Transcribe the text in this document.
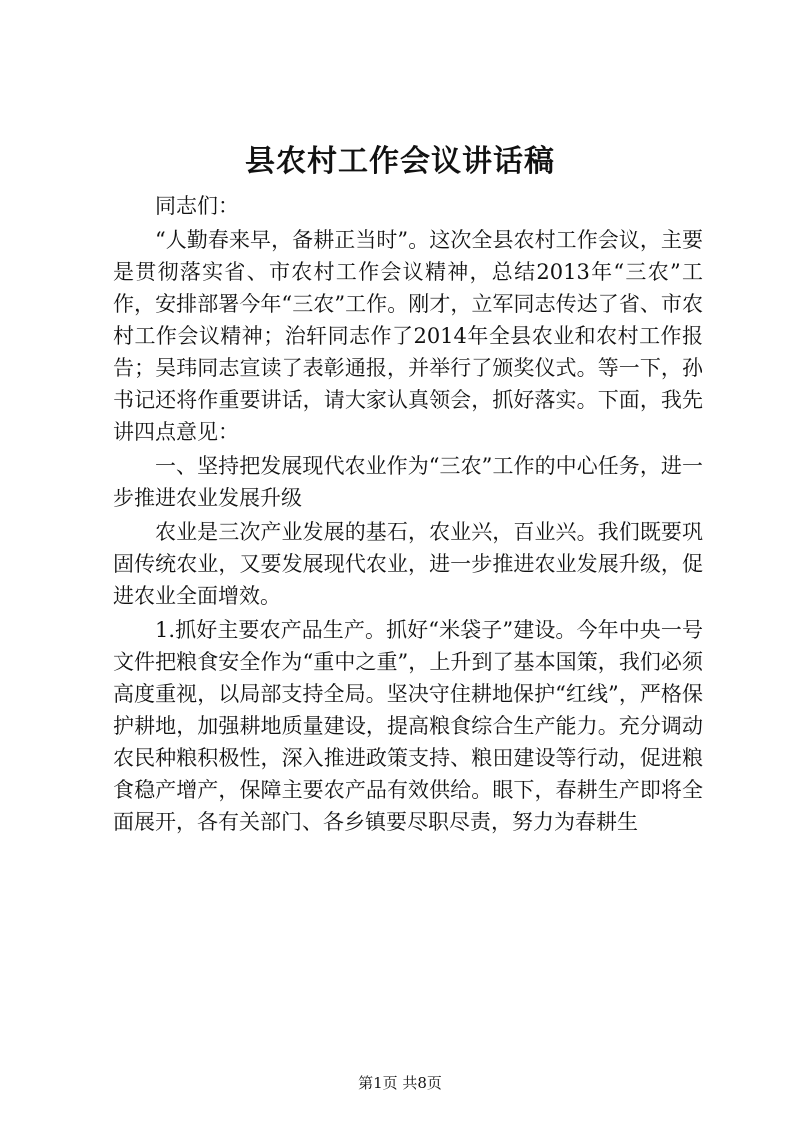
县农村工作会议讲话稿

同志们：

“人勤春来早，备耕正当时”。这次全县农村工作会议，主要是贯彻落实省、市农村工作会议精神，总结2013年“三农”工作，安排部署今年“三农”工作。刚才，立军同志传达了省、市农村工作会议精神；治轩同志作了2014年全县农业和农村工作报告；吴玮同志宣读了表彰通报，并举行了颁奖仪式。等一下，孙书记还将作重要讲话，请大家认真领会，抓好落实。下面，我先讲四点意见：

一、坚持把发展现代农业作为“三农”工作的中心任务，进一步推进农业发展升级

农业是三次产业发展的基石，农业兴，百业兴。我们既要巩固传统农业，又要发展现代农业，进一步推进农业发展升级，促进农业全面增效。

1.抓好主要农产品生产。抓好“米袋子”建设。今年中央一号文件把粮食安全作为“重中之重”，上升到了基本国策，我们必须高度重视，以局部支持全局。坚决守住耕地保护“红线”，严格保护耕地，加强耕地质量建设，提高粮食综合生产能力。充分调动农民种粮积极性，深入推进政策支持、粮田建设等行动，促进粮食稳产增产，保障主要农产品有效供给。眼下，春耕生产即将全面展开，各有关部门、各乡镇要尽职尽责，努力为春耕生

第1页 共8页
